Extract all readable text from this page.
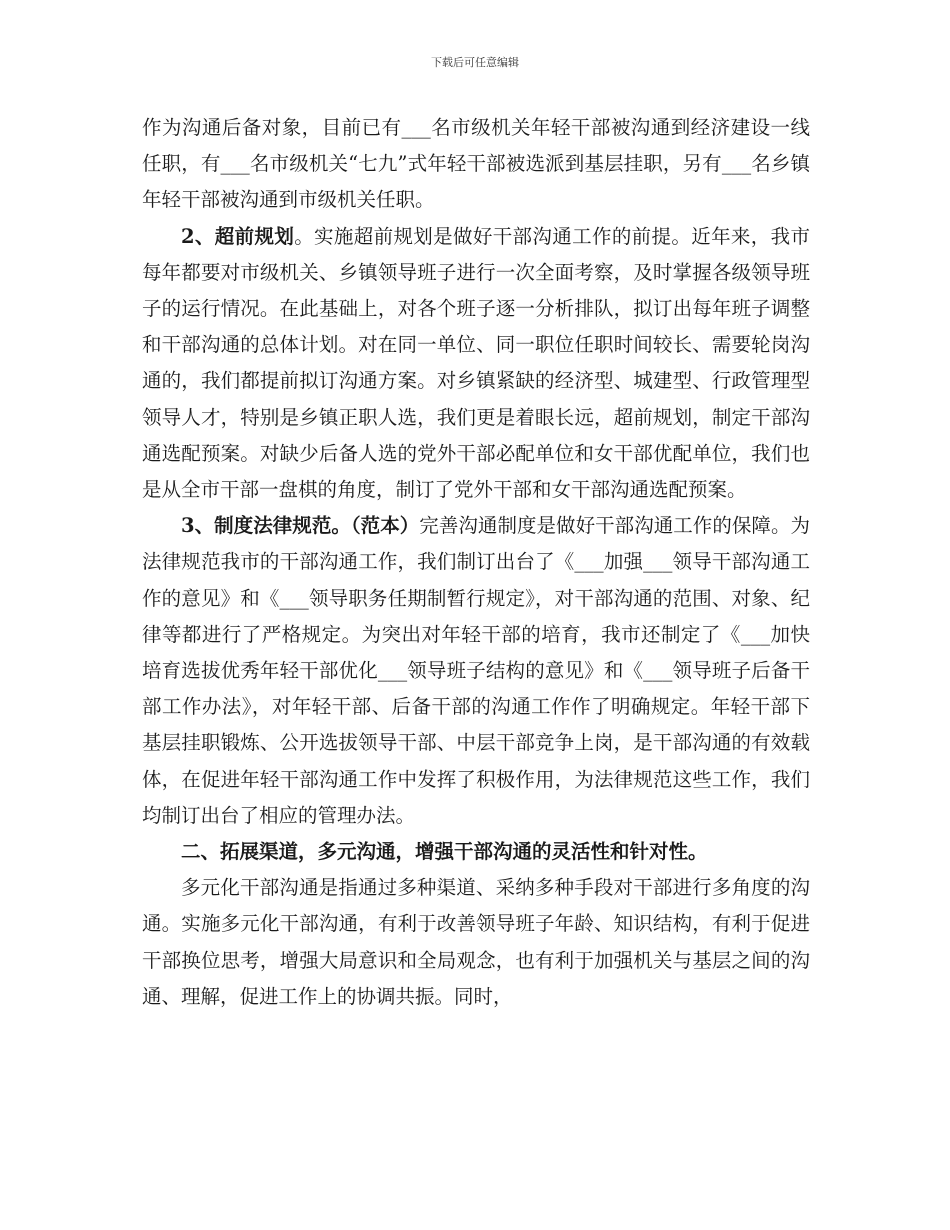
下载后可任意编辑

作为沟通后备对象，目前已有___名市级机关年轻干部被沟通到经济建设一线任职，有___名市级机关“七九”式年轻干部被选派到基层挂职，另有___名乡镇年轻干部被沟通到市级机关任职。

2、超前规划。实施超前规划是做好干部沟通工作的前提。近年来，我市每年都要对市级机关、乡镇领导班子进行一次全面考察，及时掌握各级领导班子的运行情况。在此基础上，对各个班子逐一分析排队，拟订出每年班子调整和干部沟通的总体计划。对在同一单位、同一职位任职时间较长、需要轮岗沟通的，我们都提前拟订沟通方案。对乡镇紧缺的经济型、城建型、行政管理型领导人才，特别是乡镇正职人选，我们更是着眼长远，超前规划，制定干部沟通选配预案。对缺少后备人选的党外干部必配单位和女干部优配单位，我们也是从全市干部一盘棋的角度，制订了党外干部和女干部沟通选配预案。

3、制度法律规范。（范本）完善沟通制度是做好干部沟通工作的保障。为法律规范我市的干部沟通工作，我们制订出台了《___加强___领导干部沟通工作的意见》和《___领导职务任期制暂行规定》，对干部沟通的范围、对象、纪律等都进行了严格规定。为突出对年轻干部的培育，我市还制定了《___加快培育选拔优秀年轻干部优化___领导班子结构的意见》和《___领导班子后备干部工作办法》，对年轻干部、后备干部的沟通工作作了明确规定。年轻干部下基层挂职锻炼、公开选拔领导干部、中层干部竞争上岗，是干部沟通的有效载体，在促进年轻干部沟通工作中发挥了积极作用，为法律规范这些工作，我们均制订出台了相应的管理办法。

二、拓展渠道，多元沟通，增强干部沟通的灵活性和针对性。

多元化干部沟通是指通过多种渠道、采纳多种手段对干部进行多角度的沟通。实施多元化干部沟通，有利于改善领导班子年龄、知识结构，有利于促进干部换位思考，增强大局意识和全局观念，也有利于加强机关与基层之间的沟通、理解，促进工作上的协调共振。同时，
